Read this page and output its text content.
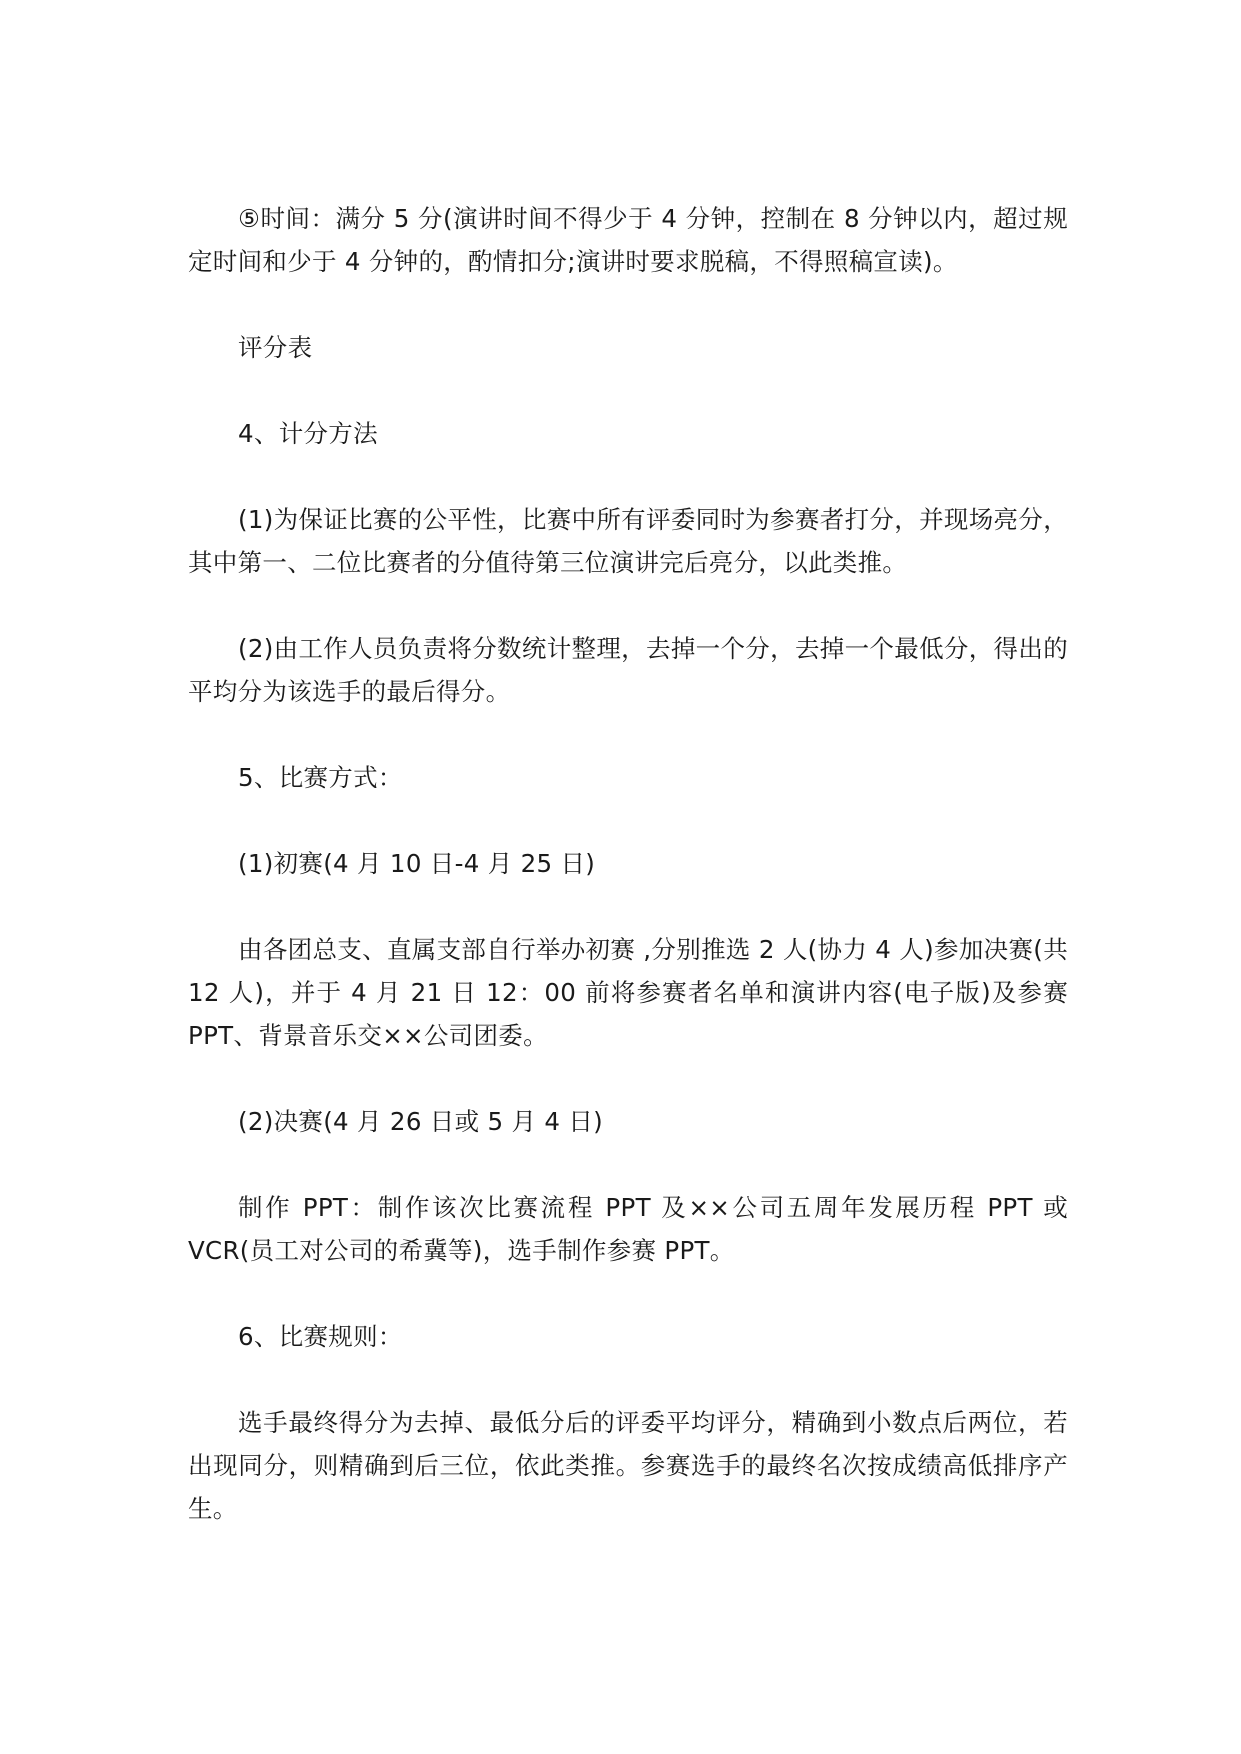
⑤时间：满分 5 分(演讲时间不得少于 4 分钟，控制在 8 分钟以内，超过规定时间和少于 4 分钟的，酌情扣分;演讲时要求脱稿，不得照稿宣读)。

评分表

4、计分方法

(1)为保证比赛的公平性，比赛中所有评委同时为参赛者打分，并现场亮分，其中第一、二位比赛者的分值待第三位演讲完后亮分，以此类推。

(2)由工作人员负责将分数统计整理，去掉一个分，去掉一个最低分，得出的平均分为该选手的最后得分。

5、比赛方式：

(1)初赛(4 月 10 日-4 月 25 日)

由各团总支、直属支部自行举办初赛 ,分别推选 2 人(协力 4 人)参加决赛(共 12 人)，并于 4 月 21 日 12：00 前将参赛者名单和演讲内容(电子版)及参赛 PPT、背景音乐交××公司团委。

(2)决赛(4 月 26 日或 5 月 4 日)

制作 PPT：制作该次比赛流程 PPT 及××公司五周年发展历程 PPT 或 VCR(员工对公司的希冀等)，选手制作参赛 PPT。

6、比赛规则：

选手最终得分为去掉、最低分后的评委平均评分，精确到小数点后两位，若出现同分，则精确到后三位，依此类推。参赛选手的最终名次按成绩高低排序产生。
